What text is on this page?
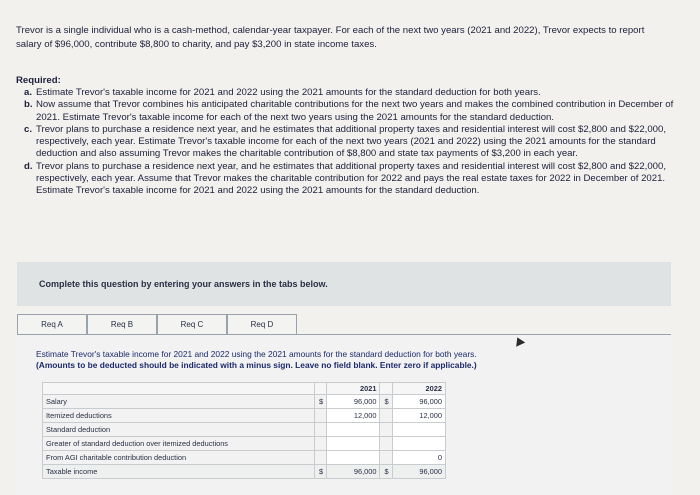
Trevor is a single individual who is a cash-method, calendar-year taxpayer. For each of the next two years (2021 and 2022), Trevor expects to report salary of $96,000, contribute $8,800 to charity, and pay $3,200 in state income taxes.
Required:
a. Estimate Trevor's taxable income for 2021 and 2022 using the 2021 amounts for the standard deduction for both years.
b. Now assume that Trevor combines his anticipated charitable contributions for the next two years and makes the combined contribution in December of 2021. Estimate Trevor's taxable income for each of the next two years using the 2021 amounts for the standard deduction.
c. Trevor plans to purchase a residence next year, and he estimates that additional property taxes and residential interest will cost $2,800 and $22,000, respectively, each year. Estimate Trevor's taxable income for each of the next two years (2021 and 2022) using the 2021 amounts for the standard deduction and also assuming Trevor makes the charitable contribution of $8,800 and state tax payments of $3,200 in each year.
d. Trevor plans to purchase a residence next year, and he estimates that additional property taxes and residential interest will cost $2,800 and $22,000, respectively, each year. Assume that Trevor makes the charitable contribution for 2022 and pays the real estate taxes for 2022 in December of 2021. Estimate Trevor's taxable income for 2021 and 2022 using the 2021 amounts for the standard deduction.
Complete this question by entering your answers in the tabs below.
Req A	Req B	Req C	Req D
Estimate Trevor's taxable income for 2021 and 2022 using the 2021 amounts for the standard deduction for both years.
(Amounts to be deducted should be indicated with a minus sign. Leave no field blank. Enter zero if applicable.)
		2021		2022
Salary	$	96,000	$	96,000
Itemized deductions		12,000		12,000
Standard deduction				
Greater of standard deduction over itemized deductions				
From AGI charitable contribution deduction				0
Taxable income	$	96,000	$	96,000
